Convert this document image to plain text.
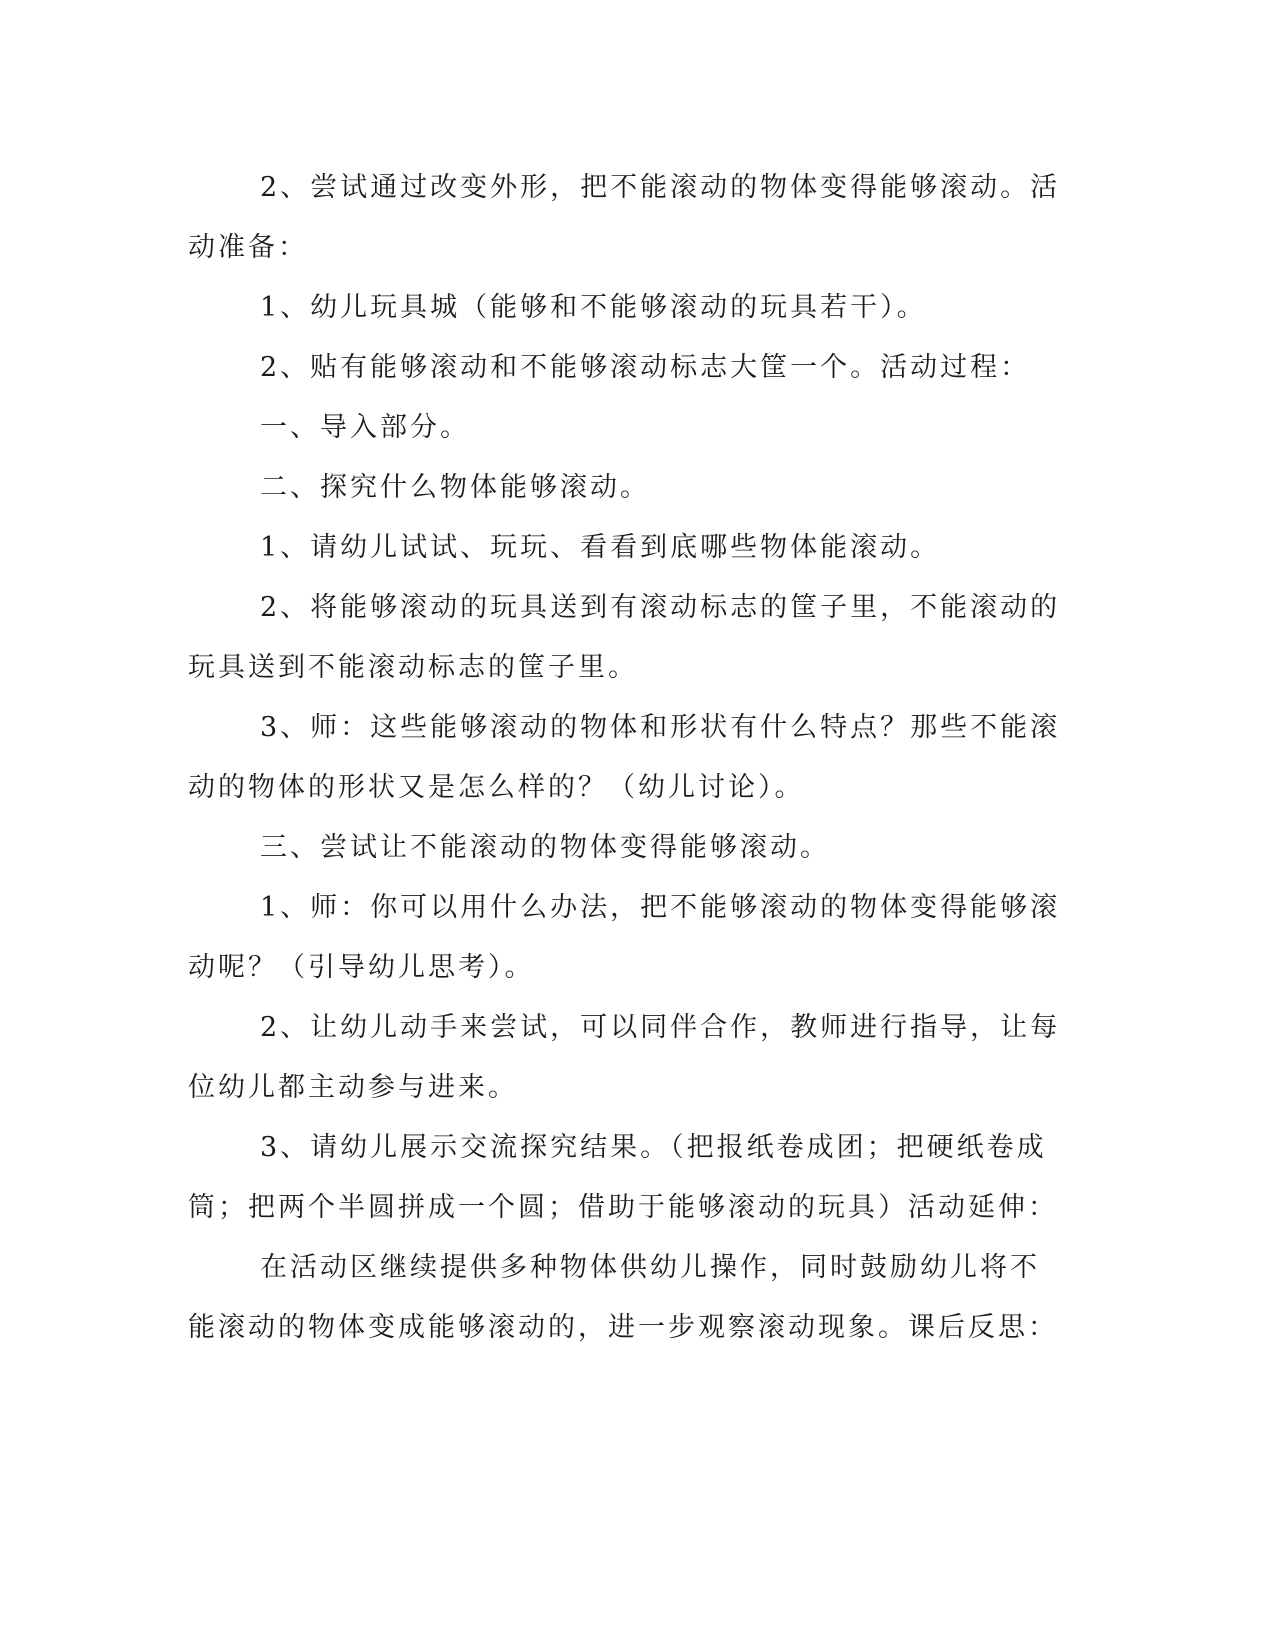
2、尝试通过改变外形，把不能滚动的物体变得能够滚动。活动准备：

1、幼儿玩具城（能够和不能够滚动的玩具若干）。

2、贴有能够滚动和不能够滚动标志大筐一个。活动过程：

一、导入部分。

二、探究什么物体能够滚动。

1、请幼儿试试、玩玩、看看到底哪些物体能滚动。

2、将能够滚动的玩具送到有滚动标志的筐子里，不能滚动的玩具送到不能滚动标志的筐子里。

3、师：这些能够滚动的物体和形状有什么特点？那些不能滚动的物体的形状又是怎么样的？（幼儿讨论）。

三、尝试让不能滚动的物体变得能够滚动。

1、师：你可以用什么办法，把不能够滚动的物体变得能够滚动呢？（引导幼儿思考）。

2、让幼儿动手来尝试，可以同伴合作，教师进行指导，让每位幼儿都主动参与进来。

3、请幼儿展示交流探究结果。（把报纸卷成团；把硬纸卷成筒；把两个半圆拼成一个圆；借助于能够滚动的玩具）活动延伸：

在活动区继续提供多种物体供幼儿操作，同时鼓励幼儿将不能滚动的物体变成能够滚动的，进一步观察滚动现象。课后反思：
